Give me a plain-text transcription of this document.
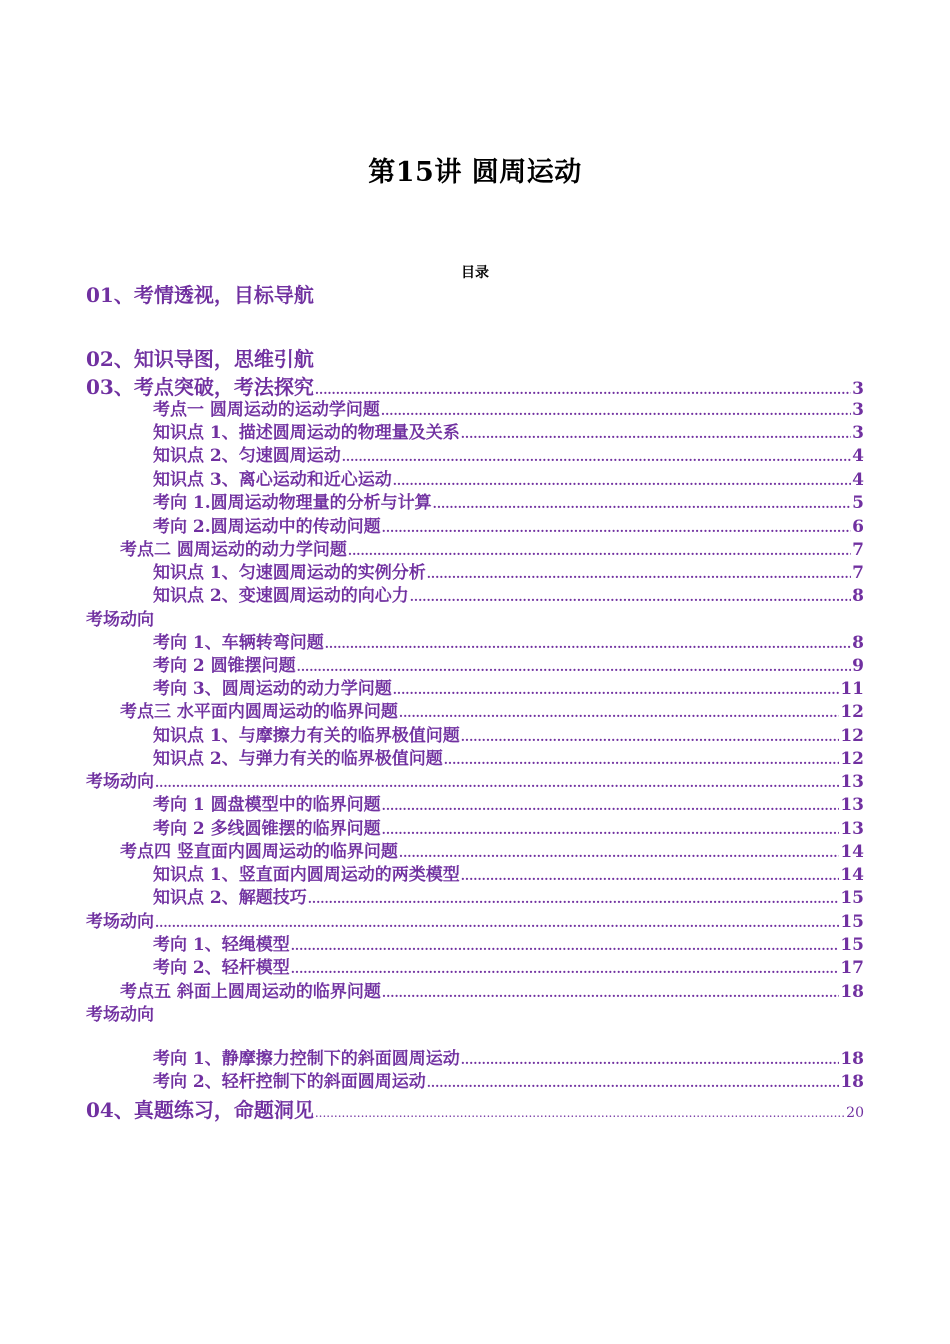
第15讲 圆周运动
目录
01、考情透视，目标导航
02、知识导图，思维引航
03、考点突破，考法探究 .....	3
考点一 圆周运动的运动学问题 .....	3
知识点 1、描述圆周运动的物理量及关系 .....	3
知识点 2、匀速圆周运动 .....	4
知识点 3、离心运动和近心运动 .....	4
考向 1.圆周运动物理量的分析与计算 .....	5
考向 2.圆周运动中的传动问题 .....	6
考点二 圆周运动的动力学问题 .....	7
知识点 1、匀速圆周运动的实例分析 .....	7
知识点 2、变速圆周运动的向心力 .....	8
考场动向
考向 1、车辆转弯问题 .....	8
考向 2 圆锥摆问题 .....	9
考向 3、圆周运动的动力学问题 .....	11
考点三 水平面内圆周运动的临界问题 .....	12
知识点 1、与摩擦力有关的临界极值问题 .....	12
知识点 2、与弹力有关的临界极值问题 .....	12
考场动向 .....	13
考向 1 圆盘模型中的临界问题 .....	13
考向 2 多线圆锥摆的临界问题 .....	13
考点四 竖直面内圆周运动的临界问题 .....	14
知识点 1、竖直面内圆周运动的两类模型 .....	14
知识点 2、解题技巧 .....	15
考场动向 .....	15
考向 1、轻绳模型 .....	15
考向 2、轻杆模型 .....	17
考点五 斜面上圆周运动的临界问题 .....	18
考场动向
考向 1、静摩擦力控制下的斜面圆周运动 .....	18
考向 2、轻杆控制下的斜面圆周运动 .....	18
04、真题练习，命题洞见 .....	20
